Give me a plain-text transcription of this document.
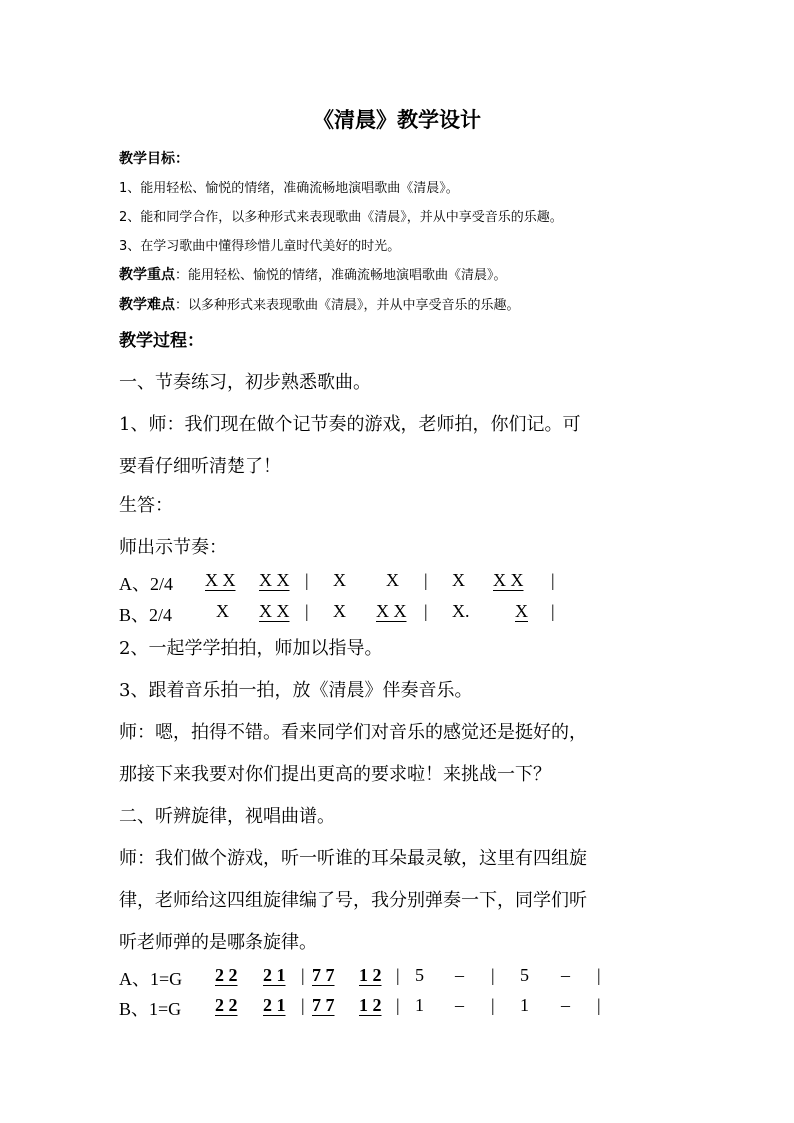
《清晨》教学设计
教学目标：
1、能用轻松、愉悦的情绪，准确流畅地演唱歌曲《清晨》。
2、能和同学合作，以多种形式来表现歌曲《清晨》，并从中享受音乐的乐趣。
3、在学习歌曲中懂得珍惜儿童时代美好的时光。
教学重点：能用轻松、愉悦的情绪，准确流畅地演唱歌曲《清晨》。
教学难点：以多种形式来表现歌曲《清晨》，并从中享受音乐的乐趣。
教学过程：
一、节奏练习，初步熟悉歌曲。
1、师：我们现在做个记节奏的游戏，老师拍，你们记。可
要看仔细听清楚了！
生答：
师出示节奏：
A、2/4 X X X X | X X | X X X |
B、2/4 X X X | X X X | X.	X |
2、一起学学拍拍，师加以指导。
3、跟着音乐拍一拍，放《清晨》伴奏音乐。
师：嗯，拍得不错。看来同学们对音乐的感觉还是挺好的，
那接下来我要对你们提出更高的要求啦！来挑战一下？
二、听辨旋律，视唱曲谱。
师：我们做个游戏，听一听谁的耳朵最灵敏，这里有四组旋
律，老师给这四组旋律编了号，我分别弹奏一下，同学们听
听老师弹的是哪条旋律。
A、1=G 2 2 2 1 | 7 7 1 2 | 5 – | 5 – |
B、1=G 2 2 2 1 | 7 7 1 2 | 1 – | 1 – |
